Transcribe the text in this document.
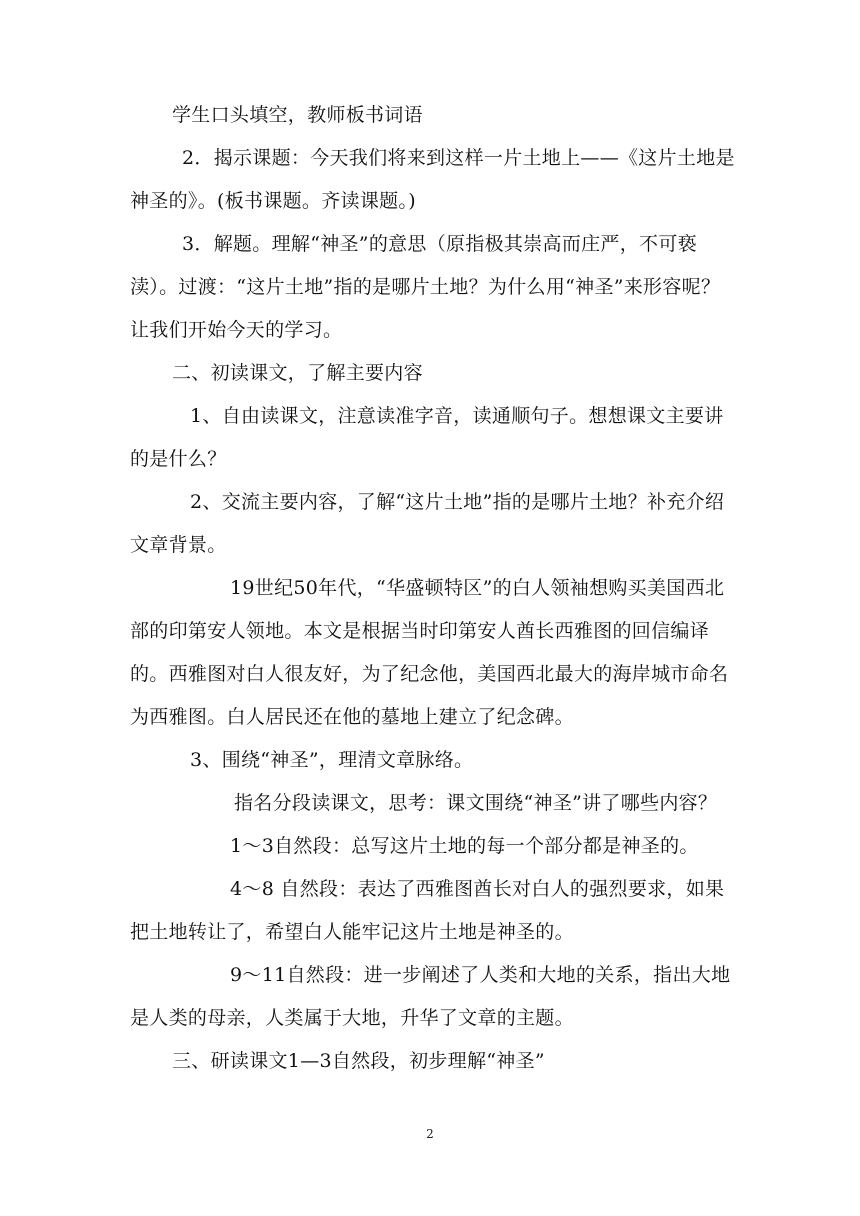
学生口头填空，教师板书词语

2．揭示课题：今天我们将来到这样一片土地上——《这片土地是神圣的》。(板书课题。齐读课题。)

3．解题。理解“神圣”的意思（原指极其崇高而庄严，不可亵渎）。过渡：“这片土地”指的是哪片土地？为什么用“神圣”来形容呢？让我们开始今天的学习。

二、初读课文，了解主要内容

1、自由读课文，注意读准字音，读通顺句子。想想课文主要讲的是什么？

2、交流主要内容，了解“这片土地”指的是哪片土地？补充介绍文章背景。

19世纪50年代，“华盛顿特区”的白人领袖想购买美国西北部的印第安人领地。本文是根据当时印第安人酋长西雅图的回信编译的。西雅图对白人很友好，为了纪念他，美国西北最大的海岸城市命名为西雅图。白人居民还在他的墓地上建立了纪念碑。

3、围绕“神圣”，理清文章脉络。

指名分段读课文，思考：课文围绕“神圣”讲了哪些内容？

1～3自然段：总写这片土地的每一个部分都是神圣的。

4～8 自然段：表达了西雅图酋长对白人的强烈要求，如果把土地转让了，希望白人能牢记这片土地是神圣的。

9～11自然段：进一步阐述了人类和大地的关系，指出大地是人类的母亲，人类属于大地，升华了文章的主题。

三、研读课文1—3自然段，初步理解“神圣”

2
